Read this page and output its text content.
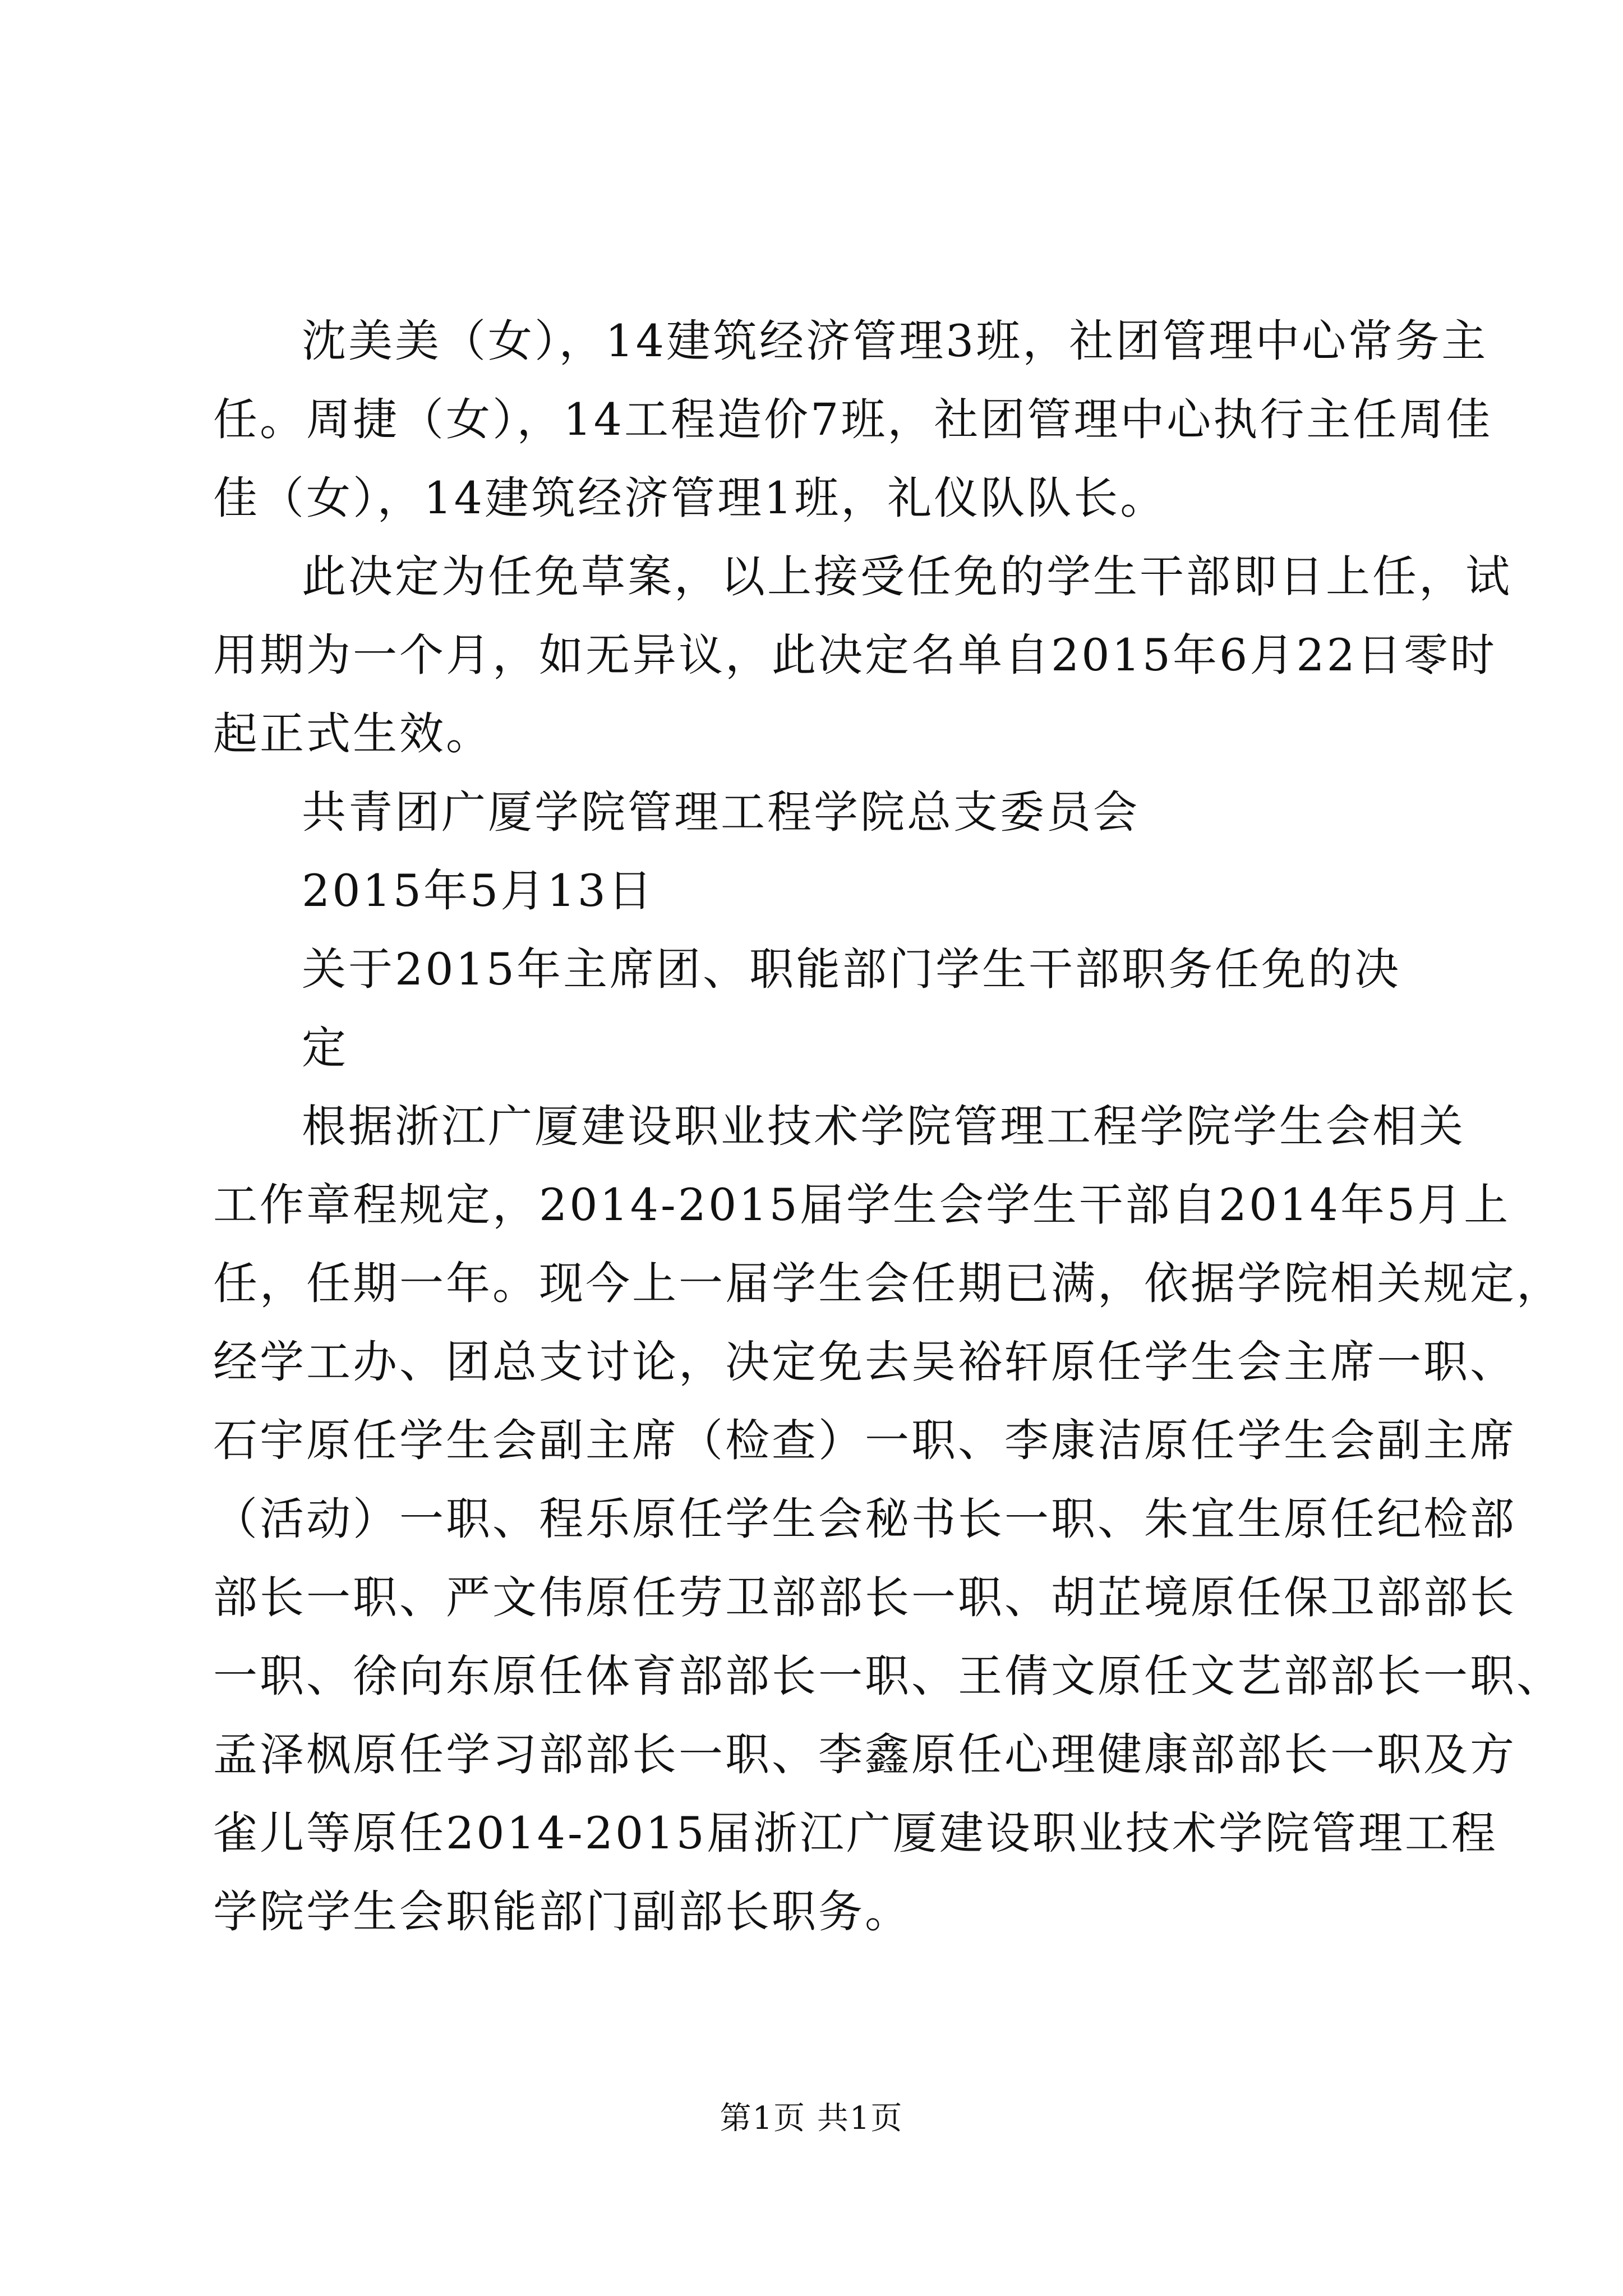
沈美美（女），14建筑经济管理3班，社团管理中心常务主
任。周捷（女），14工程造价7班，社团管理中心执行主任周佳
佳（女），14建筑经济管理1班，礼仪队队长。
此决定为任免草案，以上接受任免的学生干部即日上任，试
用期为一个月，如无异议，此决定名单自2015年6月22日零时
起正式生效。
共青团广厦学院管理工程学院总支委员会
2015年5月13日
关于2015年主席团、职能部门学生干部职务任免的决
定
根据浙江广厦建设职业技术学院管理工程学院学生会相关
工作章程规定，2014-2015届学生会学生干部自2014年5月上
任，任期一年。现今上一届学生会任期已满，依据学院相关规定，
经学工办、团总支讨论，决定免去吴裕轩原任学生会主席一职、
石宇原任学生会副主席（检查）一职、李康洁原任学生会副主席
（活动）一职、程乐原任学生会秘书长一职、朱宜生原任纪检部
部长一职、严文伟原任劳卫部部长一职、胡芷境原任保卫部部长
一职、徐向东原任体育部部长一职、王倩文原任文艺部部长一职、
孟泽枫原任学习部部长一职、李鑫原任心理健康部部长一职及方
雀儿等原任2014-2015届浙江广厦建设职业技术学院管理工程
学院学生会职能部门副部长职务。
第1页 共1页
